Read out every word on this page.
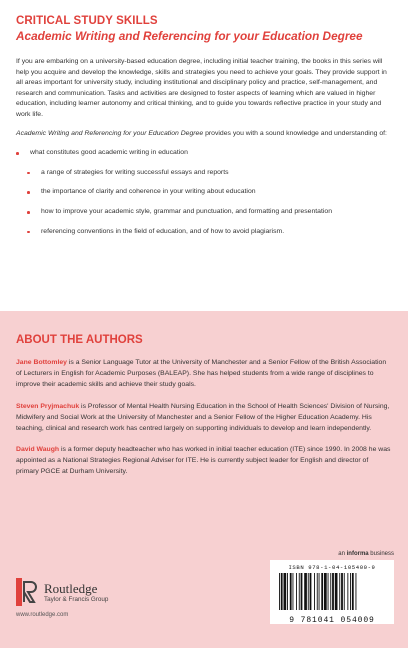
CRITICAL STUDY SKILLS
Academic Writing and Referencing for your Education Degree

If you are embarking on a university-based education degree, including initial teacher training, the books in this series will help you acquire and develop the knowledge, skills and strategies you need to achieve your goals. They provide support in all areas important for university study, including institutional and disciplinary policy and practice, self-management, and research and communication. Tasks and activities are designed to foster aspects of learning which are valued in higher education, including learner autonomy and critical thinking, and to guide you towards reflective practice in your study and work life.

Academic Writing and Referencing for your Education Degree provides you with a sound knowledge and understanding of:

what constitutes good academic writing in education
a range of strategies for writing successful essays and reports
the importance of clarity and coherence in your writing about education
how to improve your academic style, grammar and punctuation, and formatting and presentation
referencing conventions in the field of education, and of how to avoid plagiarism.
ABOUT THE AUTHORS

Jane Bottomley is a Senior Language Tutor at the University of Manchester and a Senior Fellow of the British Association of Lecturers in English for Academic Purposes (BALEAP). She has helped students from a wide range of disciplines to improve their academic skills and achieve their study goals.

Steven Pryjmachuk is Professor of Mental Health Nursing Education in the School of Health Sciences' Division of Nursing, Midwifery and Social Work at the University of Manchester and a Senior Fellow of the Higher Education Academy. His teaching, clinical and research work has centred largely on supporting individuals to develop and learn independently.

David Waugh is a former deputy headteacher who has worked in initial teacher education (ITE) since 1990. In 2008 he was appointed as a National Strategies Regional Adviser for ITE. He is currently subject leader for English and director of primary PGCE at Durham University.

Routledge
Taylor & Francis Group
www.routledge.com
an informa business
ISBN 978-1-04-105400-9
9 781041 054009
